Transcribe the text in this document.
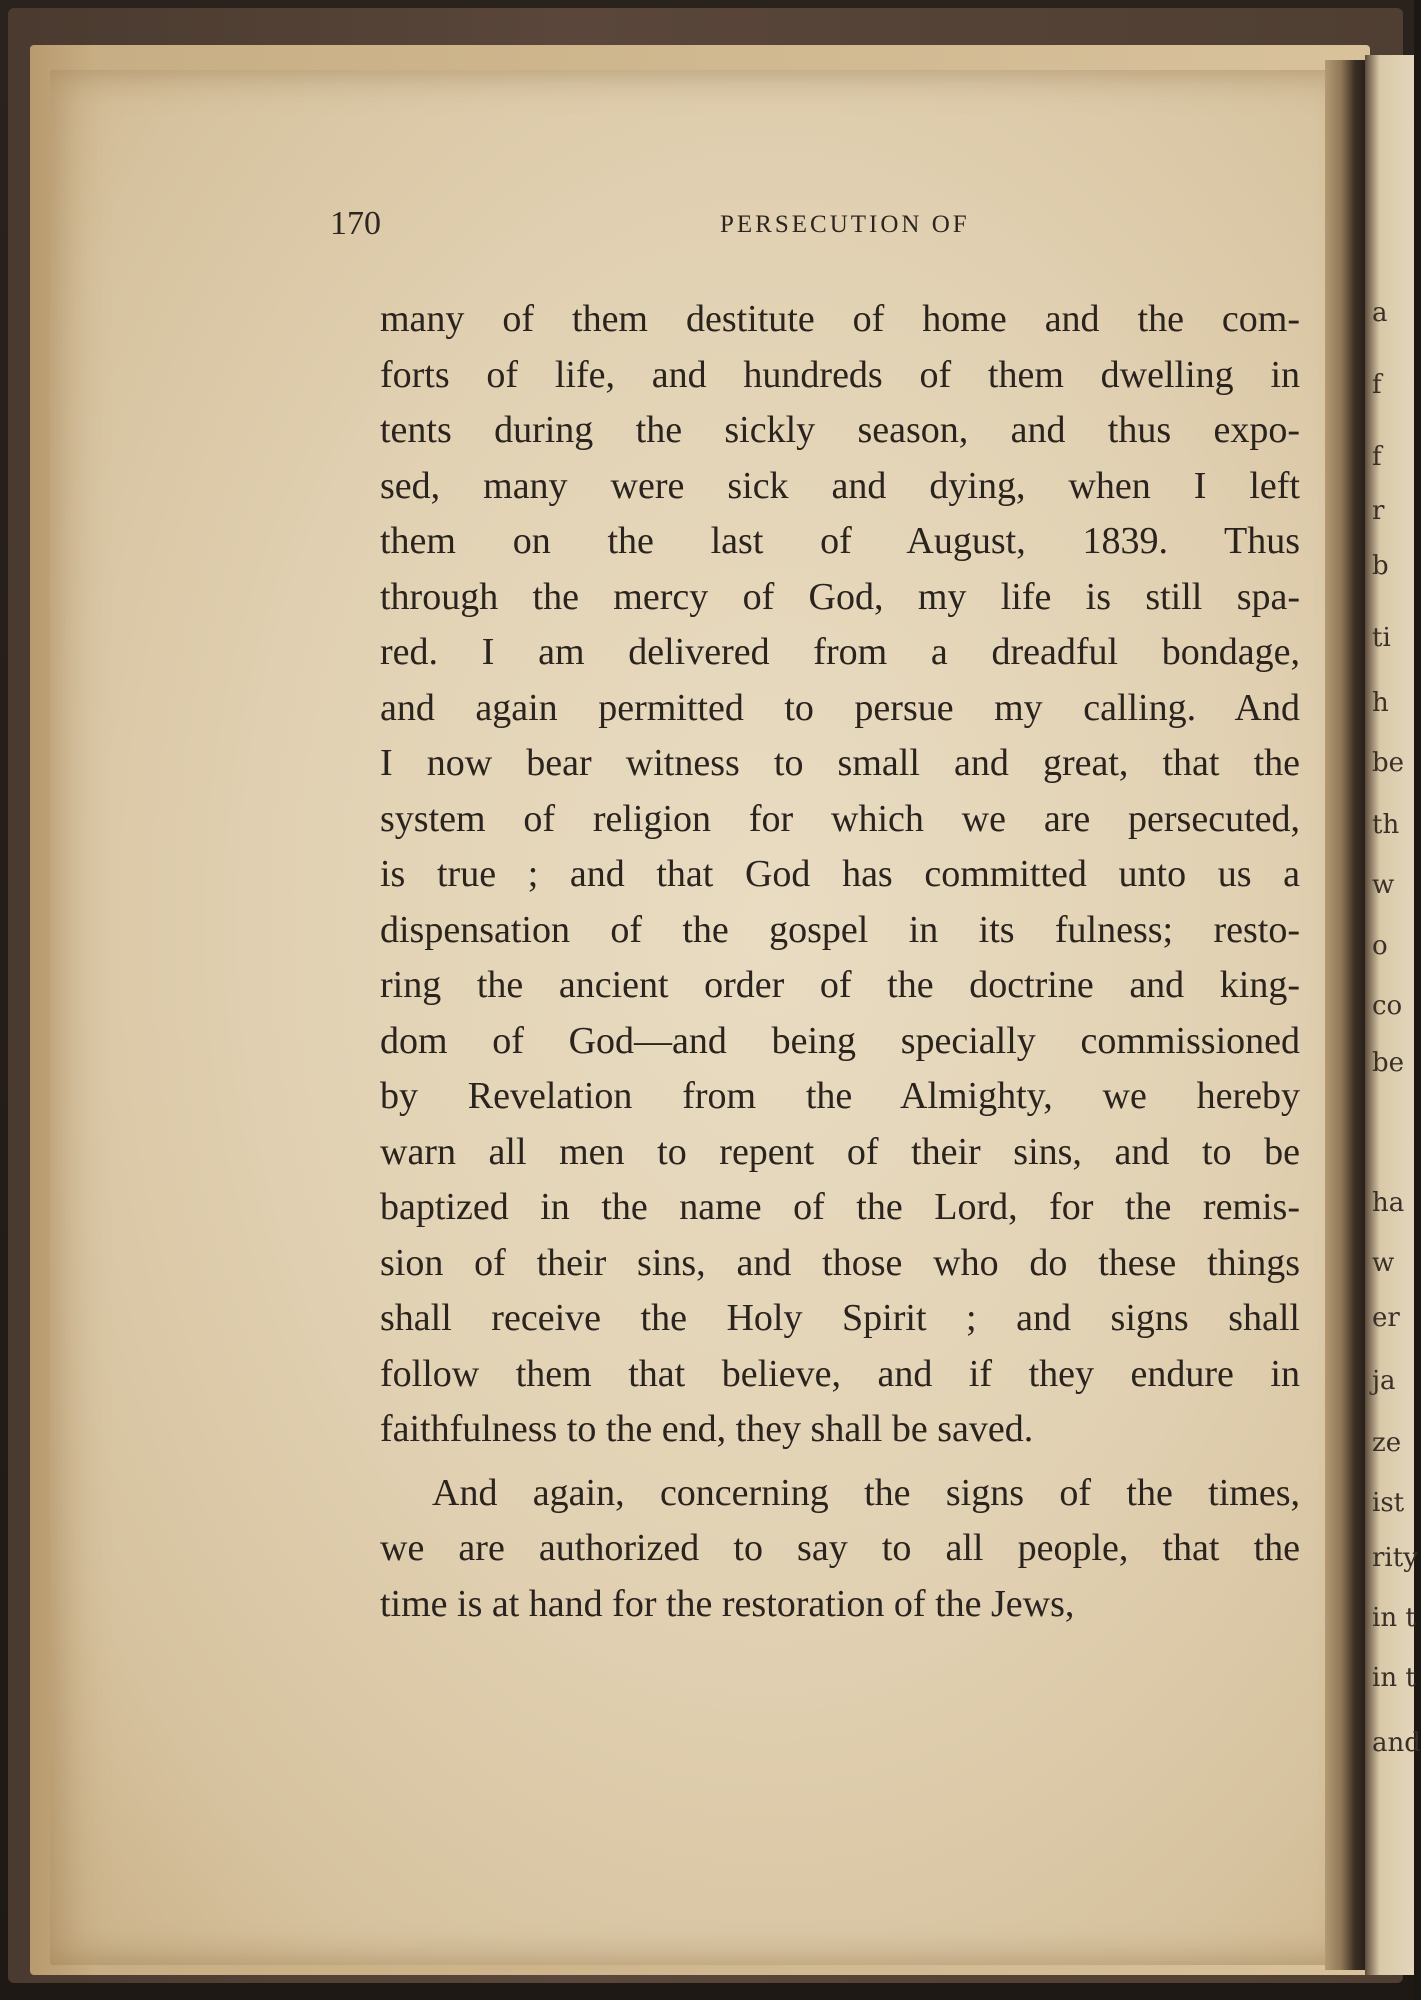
a
f
f
r
b
ti
h
be
th
w
o
co
be
ha
w
er
ja
ze
ist
rity
in t
in t
and
170	PERSECUTION OF
many of them destitute of home and the com-
forts of life, and hundreds of them dwelling in
tents during the sickly season, and thus expo-
sed, many were sick and dying, when I left
them on the last of August, 1839. Thus
through the mercy of God, my life is still spa-
red. I am delivered from a dreadful bondage,
and again permitted to persue my calling. And
I now bear witness to small and great, that the
system of religion for which we are persecuted,
is true ; and that God has committed unto us a
dispensation of the gospel in its fulness; resto-
ring the ancient order of the doctrine and king-
dom of God—and being specially commissioned
by Revelation from the Almighty, we hereby
warn all men to repent of their sins, and to be
baptized in the name of the Lord, for the remis-
sion of their sins, and those who do these things
shall receive the Holy Spirit ; and signs shall
follow them that believe, and if they endure in
faithfulness to the end, they shall be saved.
And again, concerning the signs of the times,
we are authorized to say to all people, that the
time is at hand for the restoration of the Jews,
